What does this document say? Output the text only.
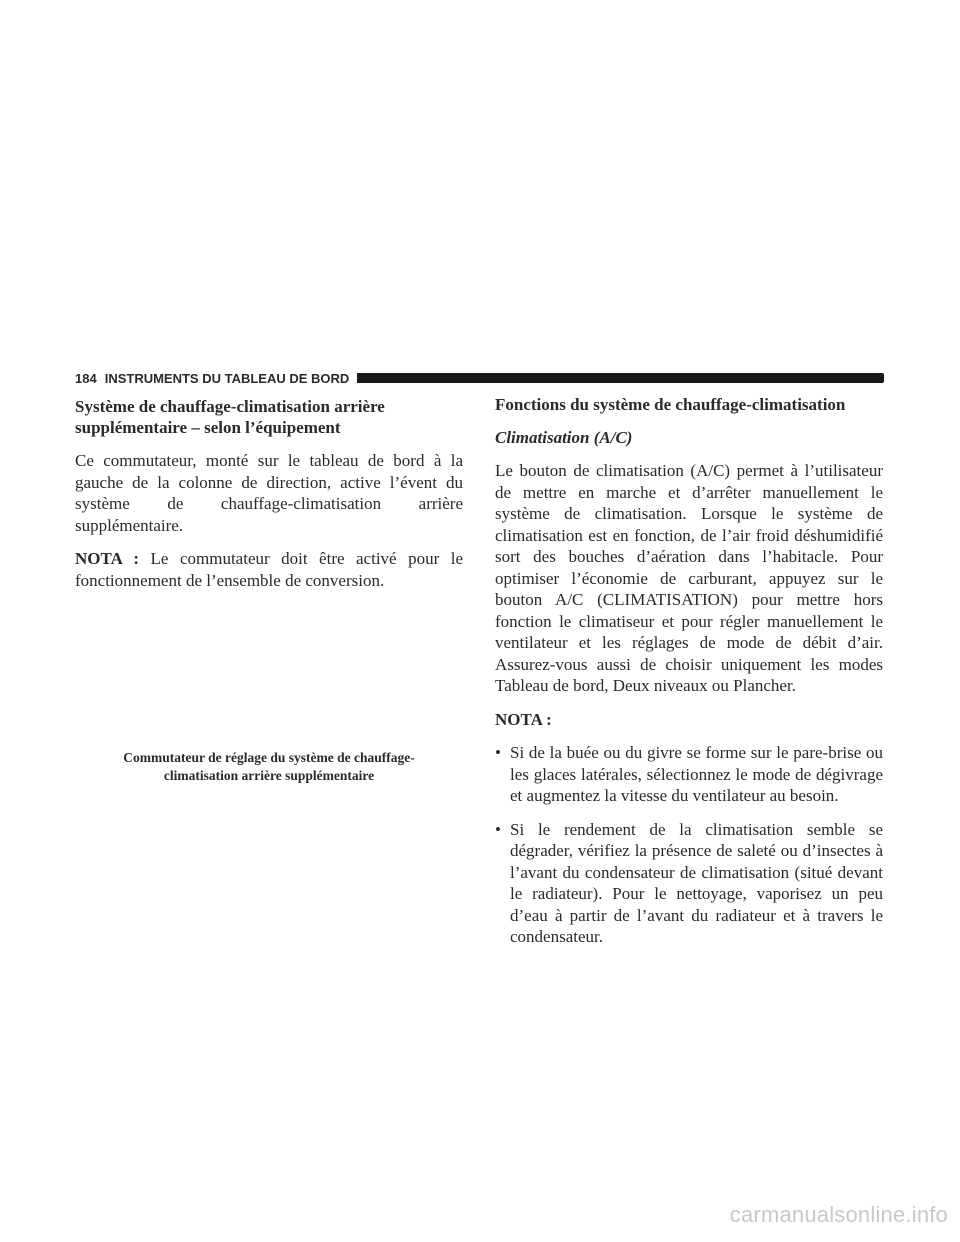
184 INSTRUMENTS DU TABLEAU DE BORD
Système de chauffage-climatisation arrière
supplémentaire – selon l’équipement

Ce commutateur, monté sur le tableau de bord à la gauche de la colonne de direction, active l’évent du système de chauffage-climatisation arrière supplémentaire.

NOTA : Le commutateur doit être activé pour le fonctionnement de l’ensemble de conversion.

Commutateur de réglage du système de chauffage-
climatisation arrière supplémentaire
Fonctions du système de chauffage-climatisation
Climatisation (A/C)

Le bouton de climatisation (A/C) permet à l’utilisateur de mettre en marche et d’arrêter manuellement le système de climatisation. Lorsque le système de climatisation est en fonction, de l’air froid déshumidifié sort des bouches d’aération dans l’habitacle. Pour optimiser l’économie de carburant, appuyez sur le bouton A/C (CLIMATISATION) pour mettre hors fonction le climatiseur et pour régler manuellement le ventilateur et les réglages de mode de débit d’air. Assurez-vous aussi de choisir uniquement les modes Tableau de bord, Deux niveaux ou Plancher.

NOTA :

• Si de la buée ou du givre se forme sur le pare-brise ou les glaces latérales, sélectionnez le mode de dégivrage et augmentez la vitesse du ventilateur au besoin.
• Si le rendement de la climatisation semble se dégrader, vérifiez la présence de saleté ou d’insectes à l’avant du condensateur de climatisation (situé devant le radiateur). Pour le nettoyage, vaporisez un peu d’eau à partir de l’avant du radiateur et à travers le condensateur.
carmanualsonline.info
